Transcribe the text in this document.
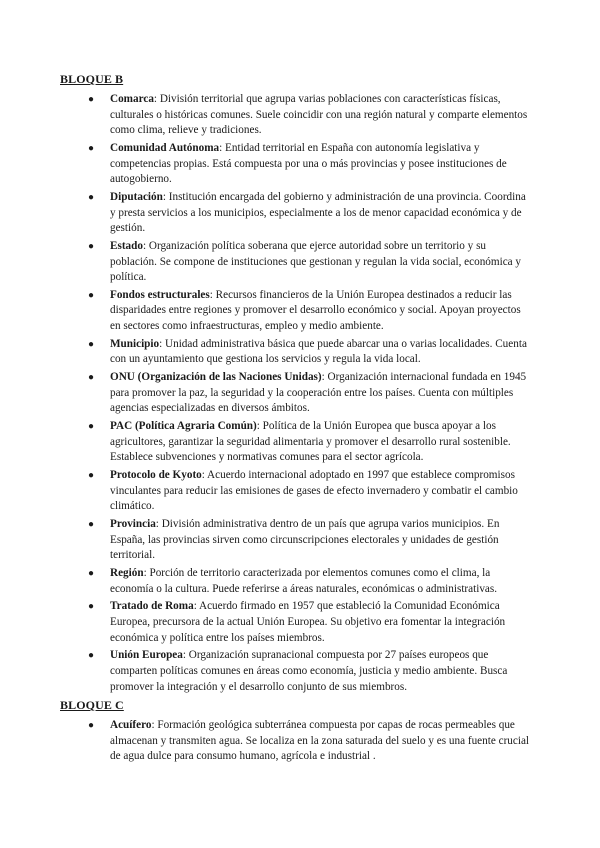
BLOQUE B
● Comarca: División territorial que agrupa varias poblaciones con características físicas, culturales o históricas comunes. Suele coincidir con una región natural y comparte elementos como clima, relieve y tradiciones.
● Comunidad Autónoma: Entidad territorial en España con autonomía legislativa y competencias propias. Está compuesta por una o más provincias y posee instituciones de autogobierno.
● Diputación: Institución encargada del gobierno y administración de una provincia. Coordina y presta servicios a los municipios, especialmente a los de menor capacidad económica y de gestión.
● Estado: Organización política soberana que ejerce autoridad sobre un territorio y su población. Se compone de instituciones que gestionan y regulan la vida social, económica y política.
● Fondos estructurales: Recursos financieros de la Unión Europea destinados a reducir las disparidades entre regiones y promover el desarrollo económico y social. Apoyan proyectos en sectores como infraestructuras, empleo y medio ambiente.
● Municipio: Unidad administrativa básica que puede abarcar una o varias localidades. Cuenta con un ayuntamiento que gestiona los servicios y regula la vida local.
● ONU (Organización de las Naciones Unidas): Organización internacional fundada en 1945 para promover la paz, la seguridad y la cooperación entre los países. Cuenta con múltiples agencias especializadas en diversos ámbitos.
● PAC (Política Agraria Común): Política de la Unión Europea que busca apoyar a los agricultores, garantizar la seguridad alimentaria y promover el desarrollo rural sostenible. Establece subvenciones y normativas comunes para el sector agrícola.
● Protocolo de Kyoto: Acuerdo internacional adoptado en 1997 que establece compromisos vinculantes para reducir las emisiones de gases de efecto invernadero y combatir el cambio climático.
● Provincia: División administrativa dentro de un país que agrupa varios municipios. En España, las provincias sirven como circunscripciones electorales y unidades de gestión territorial.
● Región: Porción de territorio caracterizada por elementos comunes como el clima, la economía o la cultura. Puede referirse a áreas naturales, económicas o administrativas.
● Tratado de Roma: Acuerdo firmado en 1957 que estableció la Comunidad Económica Europea, precursora de la actual Unión Europea. Su objetivo era fomentar la integración económica y política entre los países miembros.
● Unión Europea: Organización supranacional compuesta por 27 países europeos que comparten políticas comunes en áreas como economía, justicia y medio ambiente. Busca promover la integración y el desarrollo conjunto de sus miembros.
BLOQUE C
● Acuífero: Formación geológica subterránea compuesta por capas de rocas permeables que almacenan y transmiten agua. Se localiza en la zona saturada del suelo y es una fuente crucial de agua dulce para consumo humano, agrícola e industrial .
